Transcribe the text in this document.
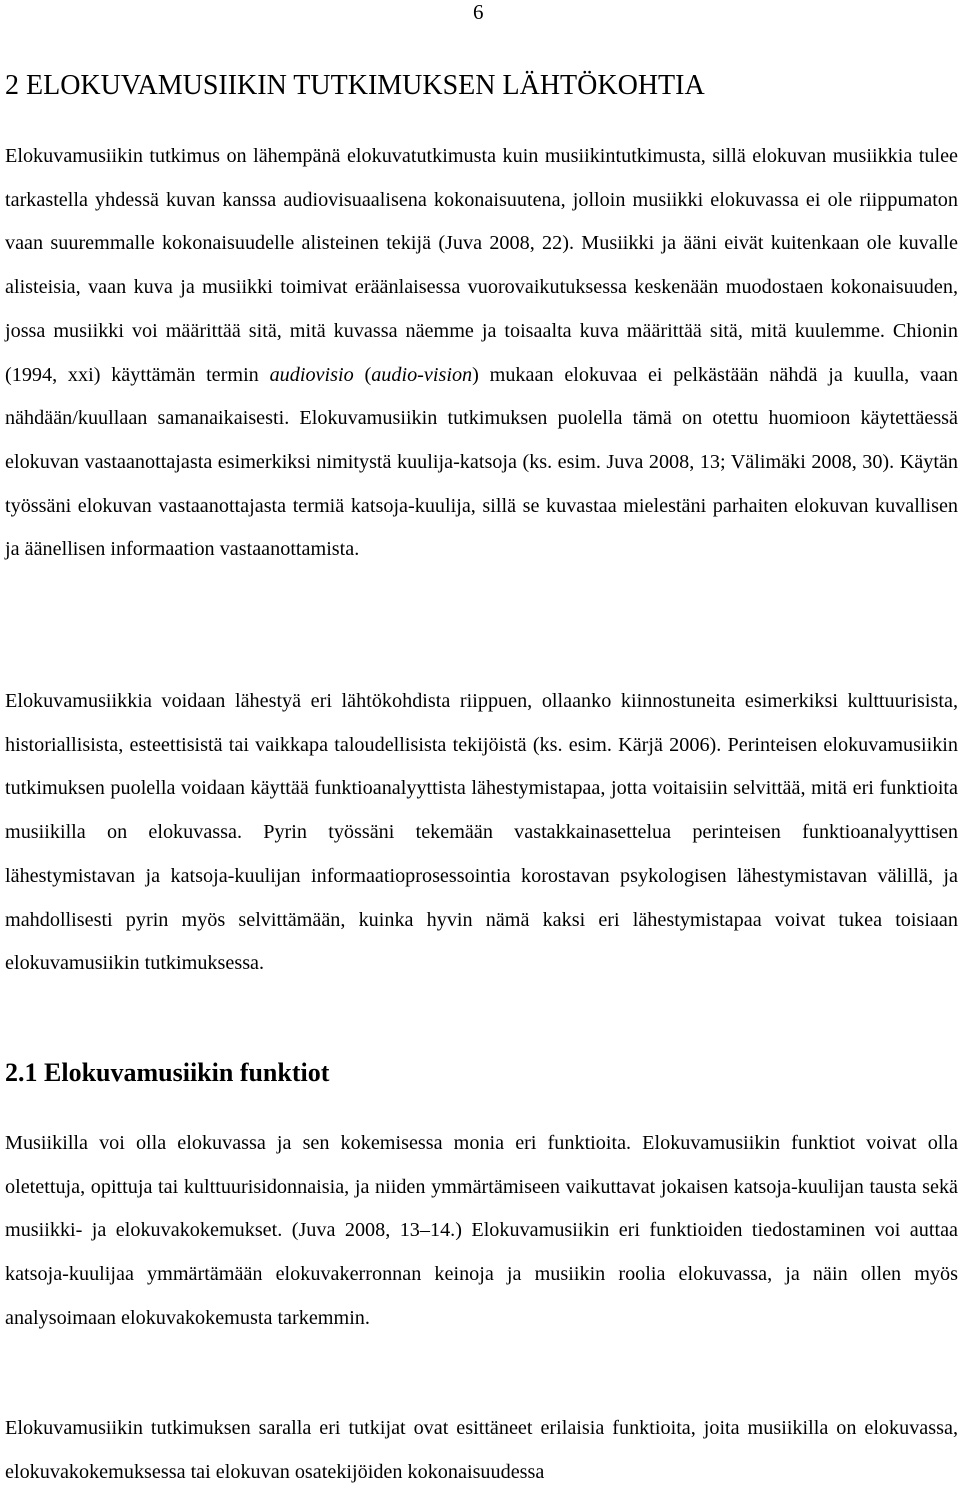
6
2 ELOKUVAMUSIIKIN TUTKIMUKSEN LÄHTÖKOHTIA

Elokuvamusiikin tutkimus on lähempänä elokuvatutkimusta kuin musiikintutkimusta, sillä elokuvan musiikkia tulee tarkastella yhdessä kuvan kanssa audiovisuaalisena kokonaisuutena, jolloin musiikki elokuvassa ei ole riippumaton vaan suuremmalle kokonaisuudelle alisteinen tekijä (Juva 2008, 22). Musiikki ja ääni eivät kuitenkaan ole kuvalle alisteisia, vaan kuva ja musiikki toimivat eräänlaisessa vuorovaikutuksessa keskenään muodostaen kokonaisuuden, jossa musiikki voi määrittää sitä, mitä kuvassa näemme ja toisaalta kuva määrittää sitä, mitä kuulemme. Chionin (1994, xxi) käyttämän termin audiovisio (audio-vision) mukaan elokuvaa ei pelkästään nähdä ja kuulla, vaan nähdään/kuullaan samanaikaisesti. Elokuvamusiikin tutkimuksen puolella tämä on otettu huomioon käytettäessä elokuvan vastaanottajasta esimerkiksi nimitystä kuulija-katsoja (ks. esim. Juva 2008, 13; Välimäki 2008, 30). Käytän työssäni elokuvan vastaanottajasta termiä katsoja-kuulija, sillä se kuvastaa mielestäni parhaiten elokuvan kuvallisen ja äänellisen informaation vastaanottamista.

Elokuvamusiikkia voidaan lähestyä eri lähtökohdista riippuen, ollaanko kiinnostuneita esimerkiksi kulttuurisista, historiallisista, esteettisistä tai vaikkapa taloudellisista tekijöistä (ks. esim. Kärjä 2006). Perinteisen elokuvamusiikin tutkimuksen puolella voidaan käyttää funktioanalyyttista lähestymistapaa, jotta voitaisiin selvittää, mitä eri funktioita musiikilla on elokuvassa. Pyrin työssäni tekemään vastakkainasettelua perinteisen funktioanalyyttisen lähestymistavan ja katsoja-kuulijan informaatioprosessointia korostavan psykologisen lähestymistavan välillä, ja mahdollisesti pyrin myös selvittämään, kuinka hyvin nämä kaksi eri lähestymistapaa voivat tukea toisiaan elokuvamusiikin tutkimuksessa.

2.1 Elokuvamusiikin funktiot

Musiikilla voi olla elokuvassa ja sen kokemisessa monia eri funktioita. Elokuvamusiikin funktiot voivat olla oletettuja, opittuja tai kulttuurisidonnaisia, ja niiden ymmärtämiseen vaikuttavat jokaisen katsoja-kuulijan tausta sekä musiikki- ja elokuvakokemukset. (Juva 2008, 13–14.) Elokuvamusiikin eri funktioiden tiedostaminen voi auttaa katsoja-kuulijaa ymmärtämään elokuvakerronnan keinoja ja musiikin roolia elokuvassa, ja näin ollen myös analysoimaan elokuvakokemusta tarkemmin.

Elokuvamusiikin tutkimuksen saralla eri tutkijat ovat esittäneet erilaisia funktioita, joita musiikilla on elokuvassa, elokuvakokemuksessa tai elokuvan osatekijöiden kokonaisuudessa
